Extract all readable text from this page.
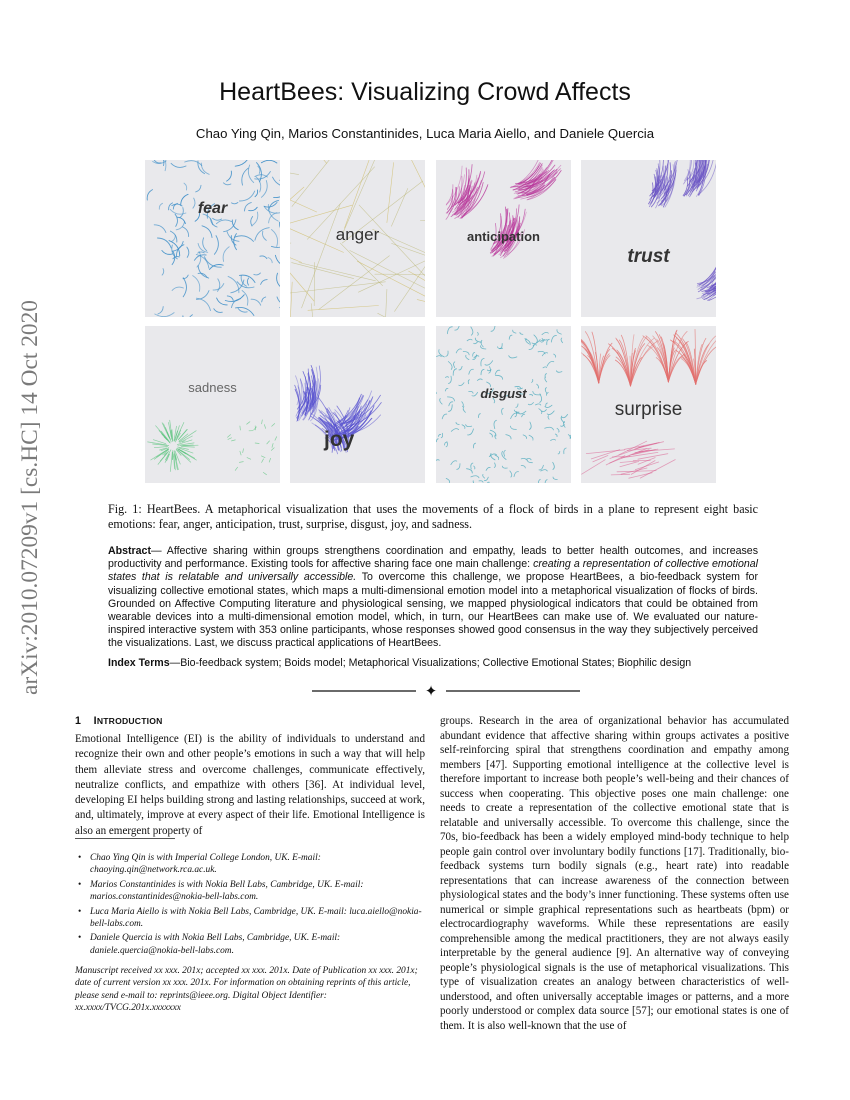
arXiv:2010.07209v1 [cs.HC] 14 Oct 2020
HeartBees: Visualizing Crowd Affects
Chao Ying Qin, Marios Constantinides, Luca Maria Aiello, and Daniele Quercia
fear
anger	anticipation
trust
sadness
joy
disgust
surprise
Fig. 1: HeartBees. A metaphorical visualization that uses the movements of a flock of birds in a plane to represent eight basic emotions: fear, anger, anticipation, trust, surprise, disgust, joy, and sadness.
Abstract— Affective sharing within groups strengthens coordination and empathy, leads to better health outcomes, and increases productivity and performance. Existing tools for affective sharing face one main challenge: creating a representation of collective emotional states that is relatable and universally accessible. To overcome this challenge, we propose HeartBees, a bio-feedback system for visualizing collective emotional states, which maps a multi-dimensional emotion model into a metaphorical visualization of flocks of birds. Grounded on Affective Computing literature and physiological sensing, we mapped physiological indicators that could be obtained from wearable devices into a multi-dimensional emotion model, which, in turn, our HeartBees can make use of. We evaluated our nature-inspired interactive system with 353 online participants, whose responses showed good consensus in the way they subjectively perceived the visualizations. Last, we discuss practical applications of HeartBees.
Index Terms—Bio-feedback system; Boids model; Metaphorical Visualizations; Collective Emotional States; Biophilic design
✦
1 INTRODUCTION
Emotional Intelligence (EI) is the ability of individuals to understand and recognize their own and other people’s emotions in such a way that will help them alleviate stress and overcome challenges, communicate effectively, neutralize conflicts, and empathize with others [36]. At individual level, developing EI helps building strong and lasting relationships, succeed at work, and, ultimately, improve at every aspect of their life. Emotional Intelligence is also an emergent property of
• Chao Ying Qin is with Imperial College London, UK. E-mail: chaoying.qin@network.rca.ac.uk.
• Marios Constantinides is with Nokia Bell Labs, Cambridge, UK. E-mail: marios.constantinides@nokia-bell-labs.com.
• Luca Maria Aiello is with Nokia Bell Labs, Cambridge, UK. E-mail: luca.aiello@nokia-bell-labs.com.
• Daniele Quercia is with Nokia Bell Labs, Cambridge, UK. E-mail: daniele.quercia@nokia-bell-labs.com.
Manuscript received xx xxx. 201x; accepted xx xxx. 201x. Date of Publication xx xxx. 201x; date of current version xx xxx. 201x. For information on obtaining reprints of this article, please send e-mail to: reprints@ieee.org. Digital Object Identifier: xx.xxxx/TVCG.201x.xxxxxxx
groups. Research in the area of organizational behavior has accumulated abundant evidence that affective sharing within groups activates a positive self-reinforcing spiral that strengthens coordination and empathy among members [47]. Supporting emotional intelligence at the collective level is therefore important to increase both people’s well-being and their chances of success when cooperating. This objective poses one main challenge: one needs to create a representation of the collective emotional state that is relatable and universally accessible. To overcome this challenge, since the 70s, bio-feedback has been a widely employed mind-body technique to help people gain control over involuntary bodily functions [17]. Traditionally, bio-feedback systems turn bodily signals (e.g., heart rate) into readable representations that can increase awareness of the connection between physiological states and the body’s inner functioning. These systems often use numerical or simple graphical representations such as heartbeats (bpm) or electrocardiography waveforms. While these representations are easily comprehensible among the medical practitioners, they are not always easily interpretable by the general audience [9]. An alternative way of conveying people’s physiological signals is the use of metaphorical visualizations. This type of visualization creates an analogy between characteristics of well-understood, and often universally acceptable images or patterns, and a more poorly understood or complex data source [57]; our emotional states is one of them. It is also well-known that the use of
